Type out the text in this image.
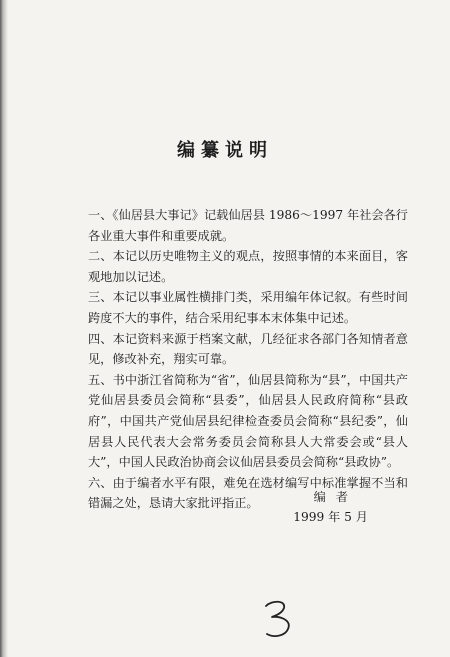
编纂说明

一、《仙居县大事记》记载仙居县 1986～1997 年社会各行各业重大事件和重要成就。

二、本记以历史唯物主义的观点，按照事情的本来面目，客观地加以记述。

三、本记以事业属性横排门类，采用编年体记叙。有些时间跨度不大的事件，结合采用纪事本末体集中记述。

四、本记资料来源于档案文献，几经征求各部门各知情者意见，修改补充，翔实可靠。

五、书中浙江省简称为“省”，仙居县简称为“县”，中国共产党仙居县委员会简称“县委”，仙居县人民政府简称“县政府”，中国共产党仙居县纪律检查委员会简称“县纪委”，仙居县人民代表大会常务委员会简称县人大常委会或“县人大”，中国人民政治协商会议仙居县委员会简称“县政协”。

六、由于编者水平有限，难免在选材编写中标准掌握不当和错漏之处，恳请大家批评指正。	编者
1999 年 5 月
